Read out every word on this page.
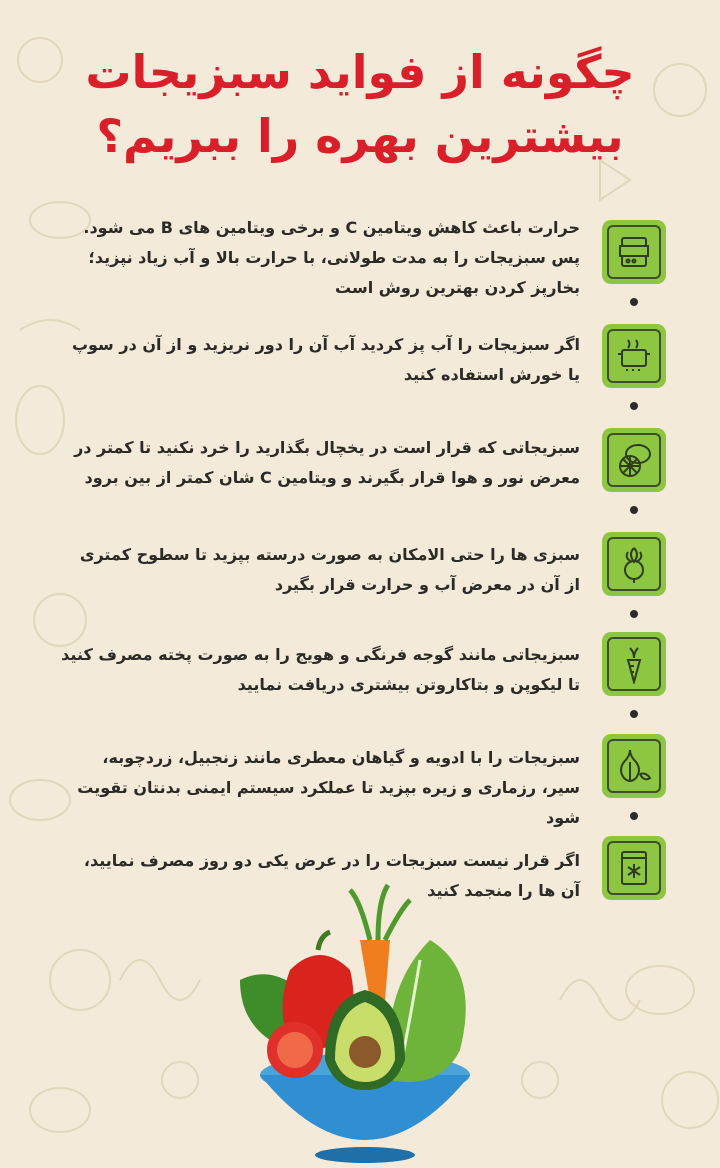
چگونه از فواید سبزیجات
بیشترین بهره را ببریم؟
حرارت باعث کاهش ویتامین C و برخی ویتامین های B می شود. پس سبزیجات را به مدت طولانی، با حرارت بالا و آب زیاد نپزید؛ بخارپز کردن بهترین روش است
اگر سبزیجات را آب پز کردید آب آن را دور نریزید و از آن در سوپ یا خورش استفاده کنید
سبزیجاتی که قرار است در یخچال بگذارید را خرد نکنید تا کمتر در معرض نور و هوا قرار بگیرند و ویتامین C شان کمتر از بین برود
سبزی ها را حتی الامکان به صورت درسته بپزید تا سطوح کمتری از آن در معرض آب و حرارت قرار بگیرد
سبزیجاتی مانند گوجه فرنگی و هویج را به صورت پخته مصرف کنید تا لیکوپن و بتاکاروتن بیشتری دریافت نمایید
سبزیجات را با ادویه و گیاهان معطری مانند زنجبیل، زردچوبه، سیر، رزماری و زیره بپزید تا عملکرد سیستم ایمنی بدنتان تقویت شود
اگر قرار نیست سبزیجات را در عرض یکی دو روز مصرف نمایید، آن ها را منجمد کنید
